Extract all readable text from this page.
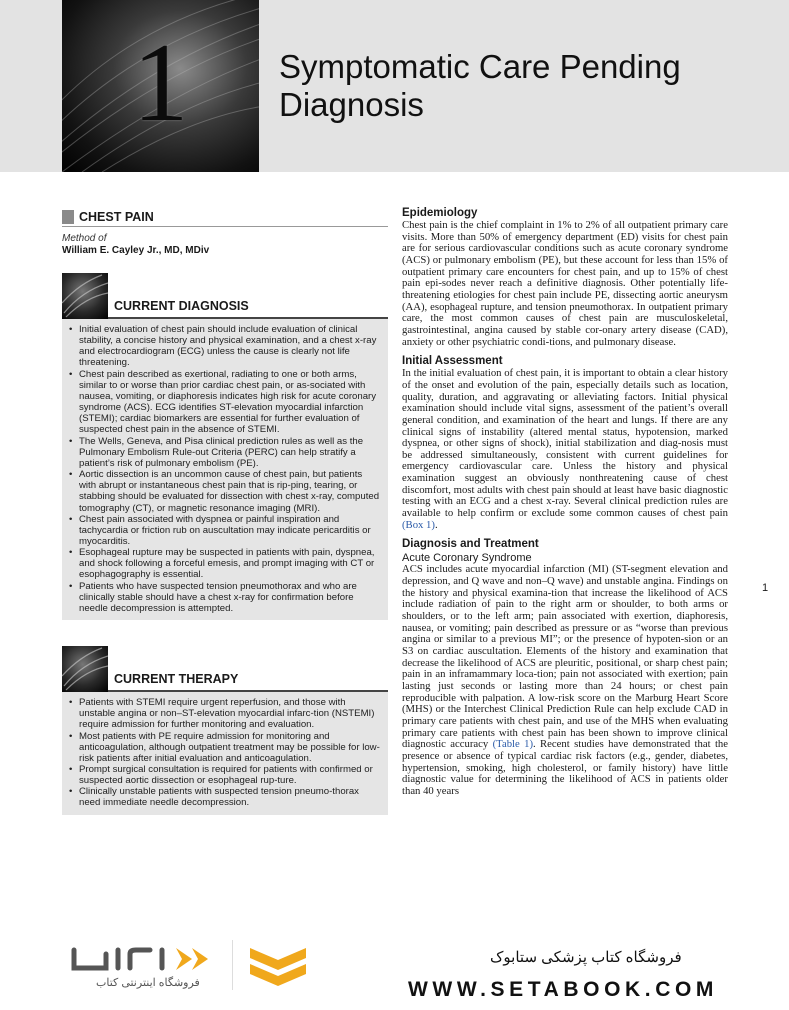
1	Symptomatic Care Pending Diagnosis
CHEST PAIN
Method of
William E. Cayley Jr., MD, MDiv
CURRENT DIAGNOSIS
• Initial evaluation of chest pain should include evaluation of clinical stability, a concise history and physical examination, and a chest x-ray and electrocardiogram (ECG) unless the cause is clearly not life threatening.
• Chest pain described as exertional, radiating to one or both arms, similar to or worse than prior cardiac chest pain, or as-sociated with nausea, vomiting, or diaphoresis indicates high risk for acute coronary syndrome (ACS). ECG identifies ST-elevation myocardial infarction (STEMI); cardiac biomarkers are essential for further evaluation of suspected chest pain in the absence of STEMI.
• The Wells, Geneva, and Pisa clinical prediction rules as well as the Pulmonary Embolism Rule-out Criteria (PERC) can help stratify a patient’s risk of pulmonary embolism (PE).
• Aortic dissection is an uncommon cause of chest pain, but patients with abrupt or instantaneous chest pain that is rip-ping, tearing, or stabbing should be evaluated for dissection with chest x-ray, computed tomography (CT), or magnetic resonance imaging (MRI).
• Chest pain associated with dyspnea or painful inspiration and tachycardia or friction rub on auscultation may indicate pericarditis or myocarditis.
• Esophageal rupture may be suspected in patients with pain, dyspnea, and shock following a forceful emesis, and prompt imaging with CT or esophagography is essential.
• Patients who have suspected tension pneumothorax and who are clinically stable should have a chest x-ray for confirmation before needle decompression is attempted.
CURRENT THERAPY
• Patients with STEMI require urgent reperfusion, and those with unstable angina or non–ST-elevation myocardial infarc-tion (NSTEMI) require admission for further monitoring and evaluation.
• Most patients with PE require admission for monitoring and anticoagulation, although outpatient treatment may be possible for low-risk patients after initial evaluation and anticoagulation.
• Prompt surgical consultation is required for patients with confirmed or suspected aortic dissection or esophageal rup-ture.
• Clinically unstable patients with suspected tension pneumo-thorax need immediate needle decompression.
Epidemiology

Chest pain is the chief complaint in 1% to 2% of all outpatient primary care visits. More than 50% of emergency department (ED) visits for chest pain are for serious cardiovascular conditions such as acute coronary syndrome (ACS) or pulmonary embolism (PE), but these account for less than 15% of outpatient primary care encounters for chest pain, and up to 15% of chest pain epi-sodes never reach a definitive diagnosis. Other potentially life-threatening etiologies for chest pain include PE, dissecting aortic aneurysm (AA), esophageal rupture, and tension pneumothorax. In outpatient primary care, the most common causes of chest pain are musculoskeletal, gastrointestinal, angina caused by stable cor-onary artery disease (CAD), anxiety or other psychiatric condi-tions, and pulmonary disease.

Initial Assessment

In the initial evaluation of chest pain, it is important to obtain a clear history of the onset and evolution of the pain, especially details such as location, quality, duration, and aggravating or alleviating factors. Initial physical examination should include vital signs, assessment of the patient’s overall general condition, and examination of the heart and lungs. If there are any clinical signs of instability (altered mental status, hypotension, marked dyspnea, or other signs of shock), initial stabilization and diag-nosis must be addressed simultaneously, consistent with current guidelines for emergency cardiovascular care. Unless the history and physical examination suggest an obviously nonthreatening cause of chest discomfort, most adults with chest pain should at least have basic diagnostic testing with an ECG and a chest x-ray. Several clinical prediction rules are available to help confirm or exclude some common causes of chest pain (Box 1).

Diagnosis and Treatment
Acute Coronary Syndrome

ACS includes acute myocardial infarction (MI) (ST-segment elevation and depression, and Q wave and non–Q wave) and unstable angina. Findings on the history and physical examina-tion that increase the likelihood of ACS include radiation of pain to the right arm or shoulder, to both arms or shoulders, or to the left arm; pain associated with exertion, diaphoresis, nausea, or vomiting; pain described as pressure or as “worse than previous angina or similar to a previous MI”; or the presence of hypoten-sion or an S3 on cardiac auscultation. Elements of the history and examination that decrease the likelihood of ACS are pleuritic, positional, or sharp chest pain; pain in an inframammary loca-tion; pain not associated with exertion; pain lasting just seconds or lasting more than 24 hours; or chest pain reproducible with palpation. A low-risk score on the Marburg Heart Score (MHS) or the Interchest Clinical Prediction Rule can help exclude CAD in primary care patients with chest pain, and use of the MHS when evaluating primary care patients with chest pain has been shown to improve clinical diagnostic accuracy (Table 1). Recent studies have demonstrated that the presence or absence of typical cardiac risk factors (e.g., gender, diabetes, hypertension, smoking, high cholesterol, or family history) have little diagnostic value for determining the likelihood of ACS in patients older than 40 years

1
فروشگاه اینترنتی کتاب
فروشگاه کتاب پزشکی ستابوک
WWW.SETABOOK.COM
